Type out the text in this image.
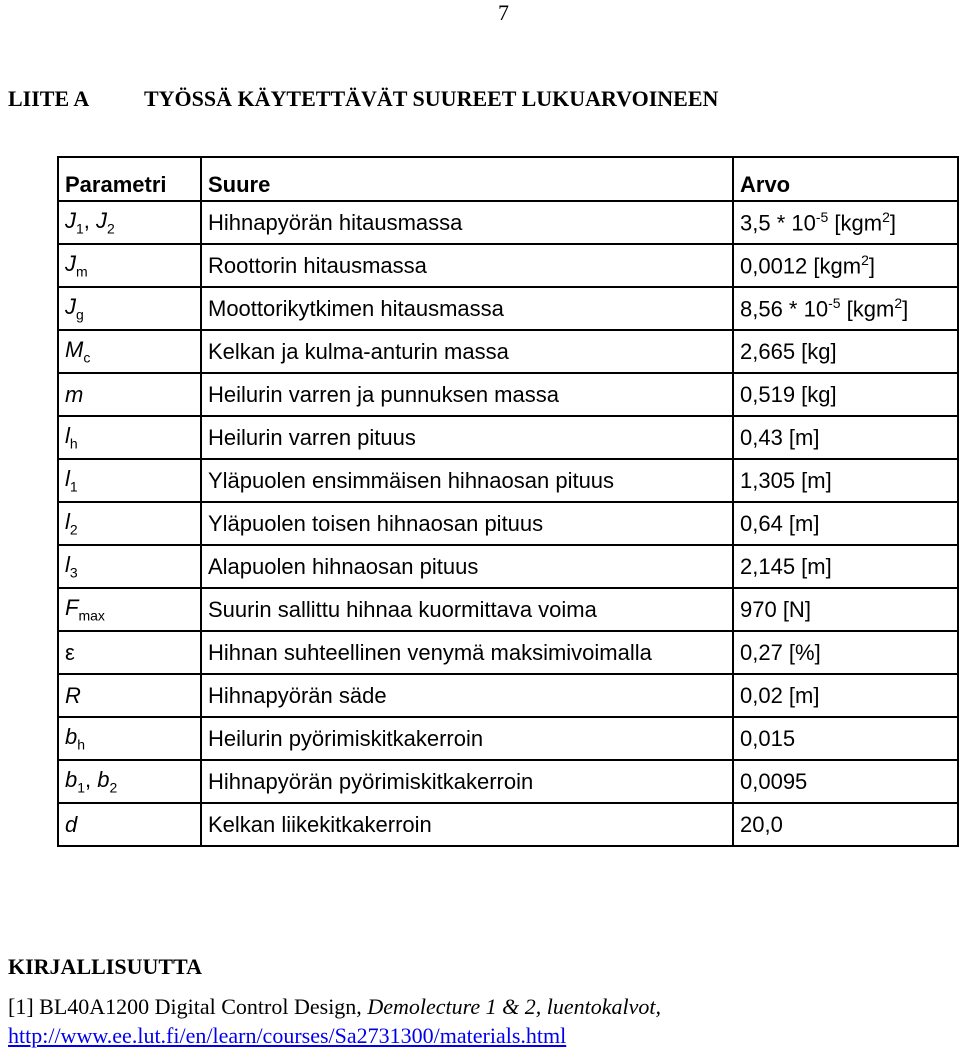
7
LIITE A TYÖSSÄ KÄYTETTÄVÄT SUUREET LUKUARVOINEEN
Parametri	Suure	Arvo
$J_1$, $J_2$	Hihnapyörän hitausmassa	$3,5 * 10^{-5}$ [kgm$^2$]
$J_m$	Roottorin hitausmassa	0,0012 [kgm$^2$]
$J_g$	Moottorikytkimen hitausmassa	$8,56 * 10^{-5}$ [kgm$^2$]
$M_c$	Kelkan ja kulma-anturin massa	2,665 [kg]
m	Heilurin varren ja punnuksen massa	0,519 [kg]
$l_h$	Heilurin varren pituus	0,43 [m]
$l_1$	Yläpuolen ensimmäisen hihnaosan pituus	1,305 [m]
$l_2$	Yläpuolen toisen hihnaosan pituus	0,64 [m]
$l_3$	Alapuolen hihnaosan pituus	2,145 [m]
$F_{max}$	Suurin sallittu hihnaa kuormittava voima	970 [N]
ε	Hihnan suhteellinen venymä maksimivoimalla	0,27 [%]
R	Hihnapyörän säde	0,02 [m]
$b_h$	Heilurin pyörimiskitkakerroin	0,015
$b_1$, $b_2$	Hihnapyörän pyörimiskitkakerroin	0,0095
d	Kelkan liikekitkakerroin	20,0
KIRJALLISUUTTA
[1] BL40A1200 Digital Control Design, Demolecture 1 & 2, luentokalvot,
http://www.ee.lut.fi/en/learn/courses/Sa2731300/materials.html
